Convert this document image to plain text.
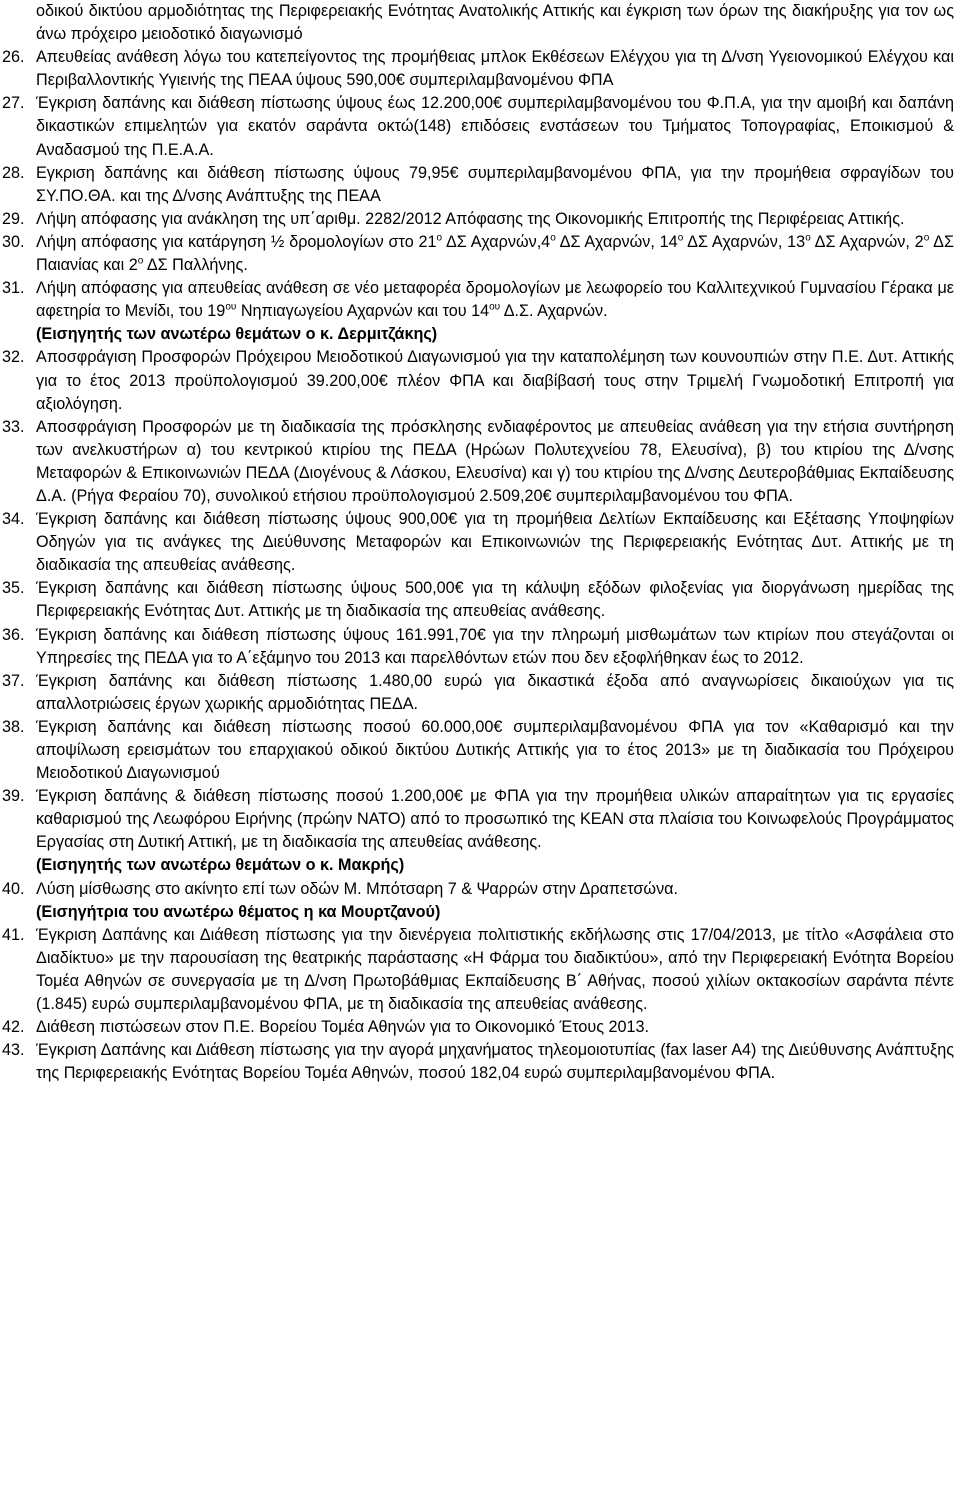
οδικού δικτύου αρμοδιότητας της Περιφερειακής Ενότητας Ανατολικής Αττικής και έγκριση των όρων της διακήρυξης για τον ως άνω πρόχειρο μειοδοτικό διαγωνισμό
26. Απευθείας ανάθεση λόγω του κατεπείγοντος της προμήθειας μπλοκ Εκθέσεων Ελέγχου για τη Δ/νση Υγειονομικού Ελέγχου και Περιβαλλοντικής Υγιεινής της ΠΕΑΑ ύψους 590,00€ συμπεριλαμβανομένου ΦΠΑ
27. Έγκριση δαπάνης και διάθεση πίστωσης ύψους έως 12.200,00€ συμπεριλαμβανομένου του Φ.Π.Α, για την αμοιβή και δαπάνη δικαστικών επιμελητών για εκατόν σαράντα οκτώ(148) επιδόσεις ενστάσεων του Τμήματος Τοπογραφίας, Εποικισμού & Αναδασμού της Π.Ε.Α.Α.
28. Εγκριση δαπάνης και διάθεση πίστωσης ύψους 79,95€ συμπεριλαμβανομένου ΦΠΑ, για την προμήθεια σφραγίδων του ΣΥ.ΠΟ.ΘΑ. και της Δ/νσης Ανάπτυξης της ΠΕΑΑ
29. Λήψη απόφασης για ανάκληση της υπ΄αριθμ. 2282/2012 Απόφασης της Οικονομικής Επιτροπής της Περιφέρειας Αττικής.
30. Λήψη απόφασης για κατάργηση ½ δρομολογίων στο $21^o$ ΔΣ $A\chi\alpha\rho\nu ώ\nu,4^o$ ΔΣ Αχαρνών, $14^o$ ΔΣ Αχαρνών, $13^o$ ΔΣ Αχαρνών, $2^o$ ΔΣ Παιανίας και $2^o$ ΔΣ Παλλήνης.
31. Λήψη απόφασης για απευθείας ανάθεση σε νέο μεταφορέα δρομολογίων με λεωφορείο του Καλλιτεχνικού Γυμνασίου Γέρακα με αφετηρία το Μενίδι, του $19^{o\upsilon}$ Νηπιαγωγείου Αχαρνών και του $14^{o\upsilon}$ Δ.Σ. Αχαρνών.
(Εισηγητής των ανωτέρω θεμάτων ο κ. Δερμιτζάκης)
32. Αποσφράγιση Προσφορών Πρόχειρου Μειοδοτικού Διαγωνισμού για την καταπολέμηση των κουνουπιών στην Π.Ε. Δυτ. Αττικής για το έτος 2013 προϋπολογισμού 39.200,00€ πλέον ΦΠΑ και διαβίβασή τους στην Τριμελή Γνωμοδοτική Επιτροπή για αξιολόγηση.
33. Αποσφράγιση Προσφορών με τη διαδικασία της πρόσκλησης ενδιαφέροντος με απευθείας ανάθεση για την ετήσια συντήρηση των ανελκυστήρων α) του κεντρικού κτιρίου της ΠΕΔΑ (Ηρώων Πολυτεχνείου 78, Ελευσίνα), β) του κτιρίου της Δ/νσης Μεταφορών & Επικοινωνιών ΠΕΔΑ (Διογένους & Λάσκου, Ελευσίνα) και γ) του κτιρίου της Δ/νσης Δευτεροβάθμιας Εκπαίδευσης Δ.Α. (Ρήγα Φεραίου 70), συνολικού ετήσιου προϋπολογισμού 2.509,20€ συμπεριλαμβανομένου του ΦΠΑ.
34. Έγκριση δαπάνης και διάθεση πίστωσης ύψους 900,00€ για τη προμήθεια Δελτίων Εκπαίδευσης και Εξέτασης Υποψηφίων Οδηγών για τις ανάγκες της Διεύθυνσης Μεταφορών και Επικοινωνιών της Περιφερειακής Ενότητας Δυτ. Αττικής με τη διαδικασία της απευθείας ανάθεσης.
35. Έγκριση δαπάνης και διάθεση πίστωσης ύψους 500,00€ για τη κάλυψη εξόδων φιλοξενίας για διοργάνωση ημερίδας της Περιφερειακής Ενότητας Δυτ. Αττικής με τη διαδικασία της απευθείας ανάθεσης.
36. Έγκριση δαπάνης και διάθεση πίστωσης ύψους 161.991,70€ για την πληρωμή μισθωμάτων των κτιρίων που στεγάζονται οι Υπηρεσίες της ΠΕΔΑ για το Α΄εξάμηνο του 2013 και παρελθόντων ετών που δεν εξοφλήθηκαν έως το 2012.
37. Έγκριση δαπάνης και διάθεση πίστωσης 1.480,00 ευρώ για δικαστικά έξοδα από αναγνωρίσεις δικαιούχων για τις απαλλοτριώσεις έργων χωρικής αρμοδιότητας ΠΕΔΑ.
38. Έγκριση δαπάνης και διάθεση πίστωσης ποσού 60.000,00€ συμπεριλαμβανομένου ΦΠΑ για τον «Καθαρισμό και την αποψίλωση ερεισμάτων του επαρχιακού οδικού δικτύου Δυτικής Αττικής για το έτος 2013» με τη διαδικασία του Πρόχειρου Μειοδοτικού Διαγωνισμού
39. Έγκριση δαπάνης & διάθεση πίστωσης ποσού 1.200,00€ με ΦΠΑ για την προμήθεια υλικών απαραίτητων για τις εργασίες καθαρισμού της Λεωφόρου Ειρήνης (πρώην ΝΑΤΟ) από το προσωπικό της ΚΕΑΝ στα πλαίσια του Κοινωφελούς Προγράμματος Εργασίας στη Δυτική Αττική, με τη διαδικασία της απευθείας ανάθεσης.
(Εισηγητής των ανωτέρω θεμάτων ο κ. Μακρής)
40. Λύση μίσθωσης στο ακίνητο επί των οδών Μ. Μπότσαρη 7 & Ψαρρών στην Δραπετσώνα.
(Εισηγήτρια του ανωτέρω θέματος η κα Μουρτζανού)
41. Έγκριση Δαπάνης και Διάθεση πίστωσης για την διενέργεια πολιτιστικής εκδήλωσης στις 17/04/2013, με τίτλο «Ασφάλεια στο Διαδίκτυο» με την παρουσίαση της θεατρικής παράστασης «Η Φάρμα του διαδικτύου», από την Περιφερειακή Ενότητα Βορείου Τομέα Αθηνών σε συνεργασία με τη Δ/νση Πρωτοβάθμιας Εκπαίδευσης Β΄ Αθήνας, ποσού χιλίων οκτακοσίων σαράντα πέντε (1.845) ευρώ συμπεριλαμβανομένου ΦΠΑ, με τη διαδικασία της απευθείας ανάθεσης.
42. Διάθεση πιστώσεων στον Π.Ε. Βορείου Τομέα Αθηνών για το Οικονομικό Έτους 2013.
43. Έγκριση Δαπάνης και Διάθεση πίστωσης για την αγορά μηχανήματος τηλεομοιοτυπίας (fax laser A4) της Διεύθυνσης Ανάπτυξης της Περιφερειακής Ενότητας Βορείου Τομέα Αθηνών, ποσού 182,04 ευρώ συμπεριλαμβανομένου ΦΠΑ.
